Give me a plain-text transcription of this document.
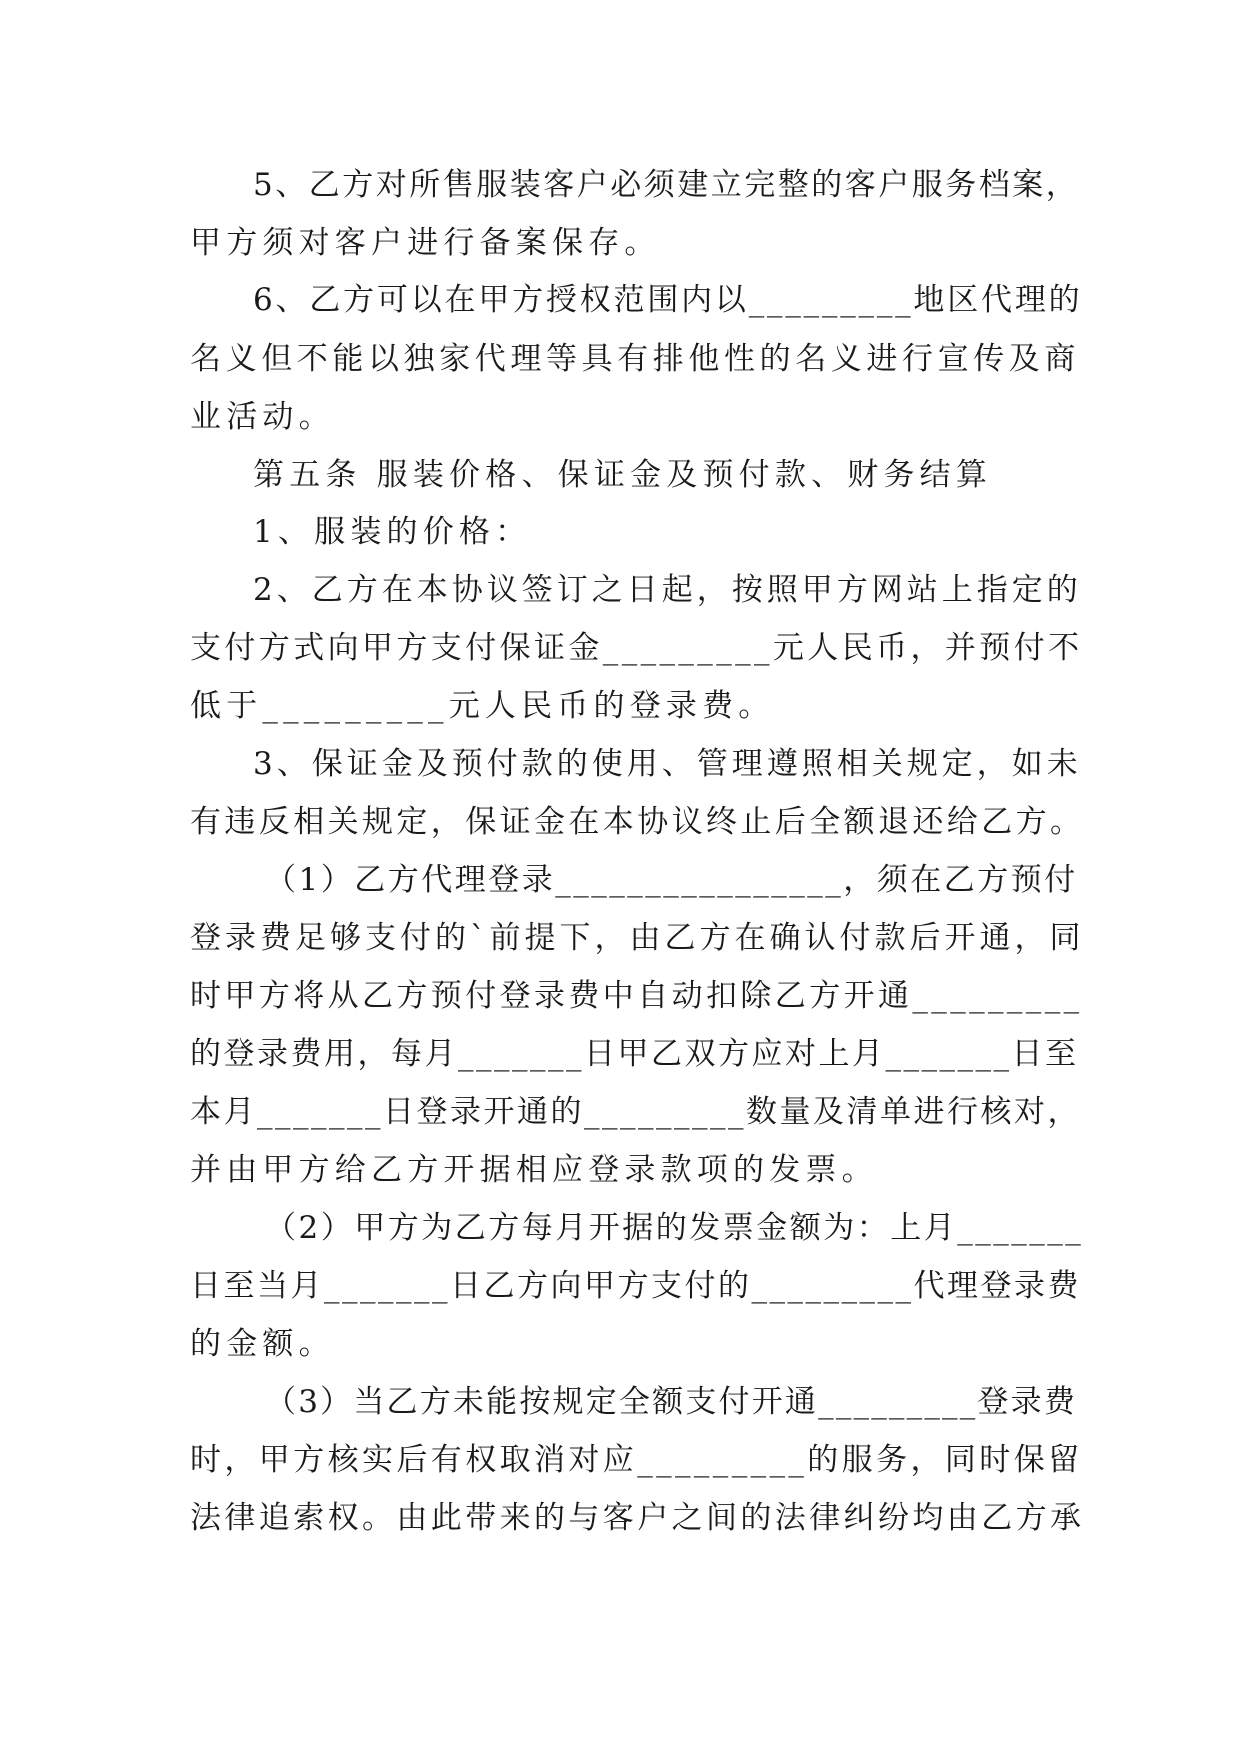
5、乙方对所售服装客户必须建立完整的客户服务档案，
甲方须对客户进行备案保存。
6、乙方可以在甲方授权范围内以_________地区代理的
名义但不能以独家代理等具有排他性的名义进行宣传及商
业活动。
第五条 服装价格、保证金及预付款、财务结算
1、服装的价格：
2、乙方在本协议签订之日起，按照甲方网站上指定的
支付方式向甲方支付保证金_________元人民币，并预付不
低于_________元人民币的登录费。
3、保证金及预付款的使用、管理遵照相关规定，如未
有违反相关规定，保证金在本协议终止后全额退还给乙方。
（1）乙方代理登录________________，须在乙方预付
登录费足够支付的`前提下，由乙方在确认付款后开通，同
时甲方将从乙方预付登录费中自动扣除乙方开通_________
的登录费用，每月_______日甲乙双方应对上月_______日至
本月_______日登录开通的_________数量及清单进行核对，
并由甲方给乙方开据相应登录款项的发票。
（2）甲方为乙方每月开据的发票金额为：上月_______
日至当月_______日乙方向甲方支付的_________代理登录费
的金额。
（3）当乙方未能按规定全额支付开通_________登录费
时，甲方核实后有权取消对应_________的服务，同时保留
法律追索权。由此带来的与客户之间的法律纠纷均由乙方承
